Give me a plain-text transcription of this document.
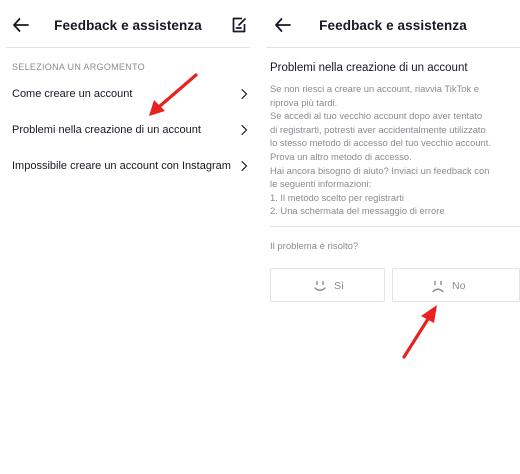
Feedback e assistenza
SELEZIONA UN ARGOMENTO
Come creare un account
Problemi nella creazione di un account
Impossibile creare un account con Instagram
Feedback e assistenza
Problemi nella creazione di un account
Se non riesci a creare un account, riavvia TikTok e
riprova più tardi.
Se accedi al tuo vecchio account dopo aver tentato
di registrarti, potresti aver accidentalmente utilizzato
lo stesso metodo di accesso del tuo vecchio account.
Prova un altro metodo di accesso.
Hai ancora bisogno di aiuto? Inviaci un feedback con
le seguenti informazioni:
1. Il metodo scelto per registrarti
2. Una schermata del messaggio di errore
Il problema è risolto?
Sì	No
